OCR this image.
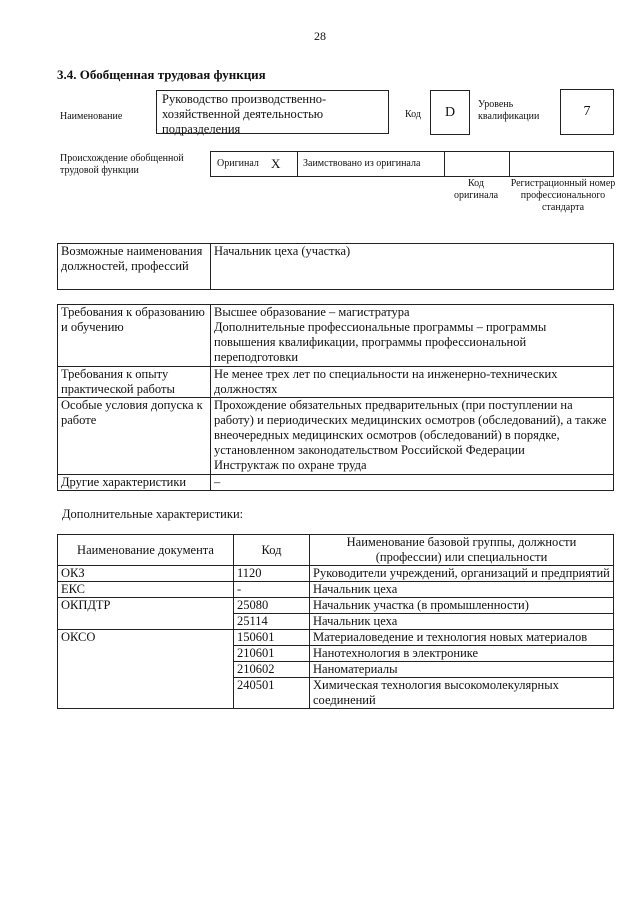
28
3.4. Обобщенная трудовая функция
Наименование
Руководство производственно-хозяйственной деятельностью подразделения
Код	D
Уровень квалификации	7
Происхождение обобщенной трудовой функции
Оригинал X Заимствовано из оригинала
Код оригинала
Регистрационный номер профессионального стандарта
Возможные наименования должностей, профессий	Начальник цеха (участка)
Требования к образованию и обучению	Высшее образование – магистратура
Дополнительные профессиональные программы – программы повышения квалификации, программы профессиональной переподготовки
Требования к опыту практической работы	Не менее трех лет по специальности на инженерно-технических должностях
Особые условия допуска к работе	Прохождение обязательных предварительных (при поступлении на работу) и периодических медицинских осмотров (обследований), а также внеочередных медицинских осмотров (обследований) в порядке, установленном законодательством Российской Федерации
Инструктаж по охране труда
Другие характеристики	–
Дополнительные характеристики:
Наименование документа	Код	Наименование базовой группы, должности (профессии) или специальности
ОКЗ	1120	Руководители учреждений, организаций и предприятий
ЕКС	-	Начальник цеха
ОКПДТР	25080	Начальник участка (в промышленности)
	25114	Начальник цеха
ОКСО	150601	Материаловедение и технология новых материалов
	210601	Нанотехнология в электронике
	210602	Наноматериалы
	240501	Химическая технология высокомолекулярных соединений
